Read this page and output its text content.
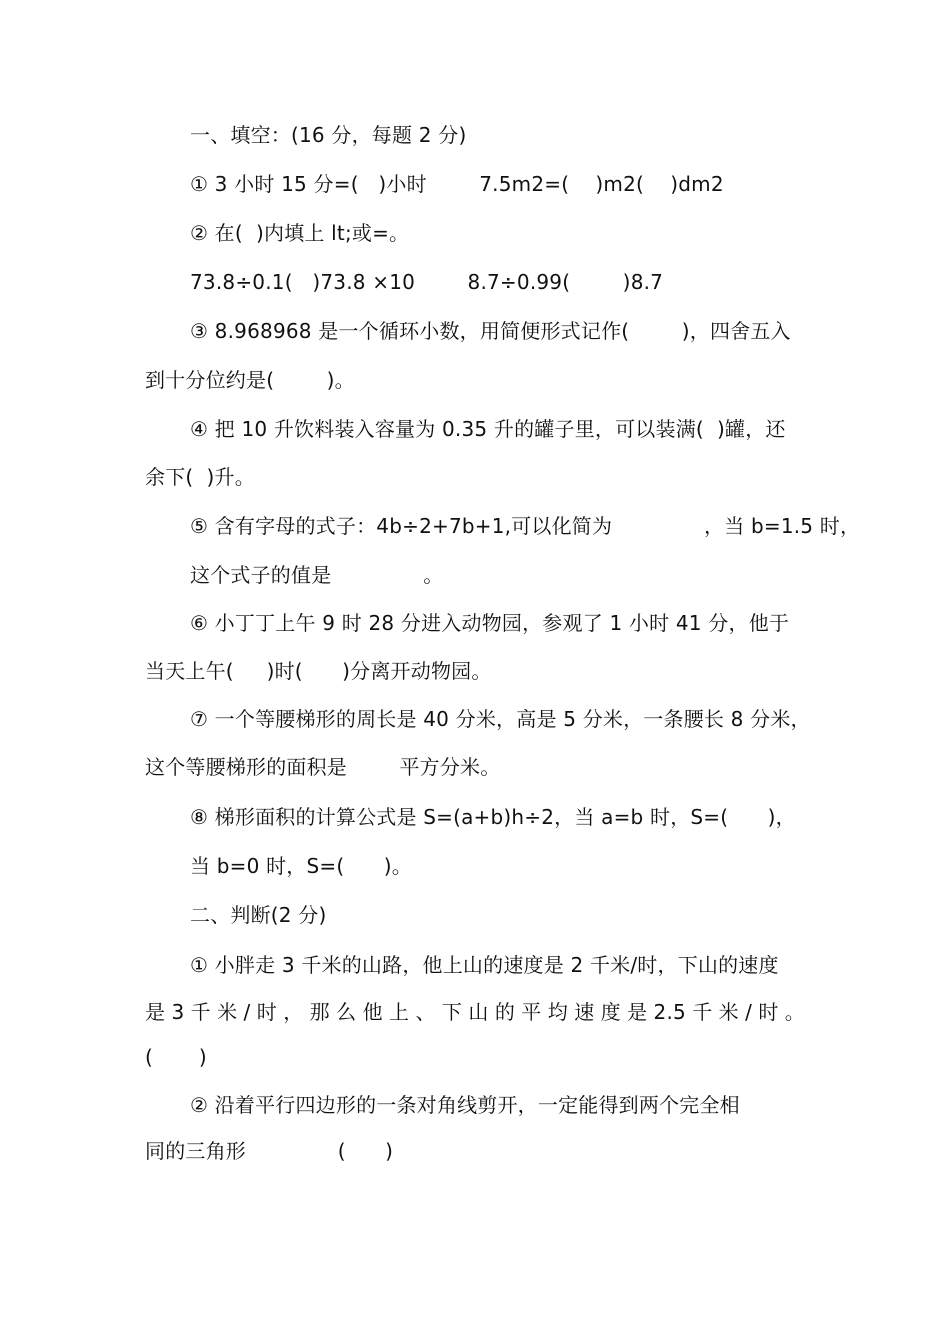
一、填空：(16 分，每题 2 分)
① 3 小时 15 分=(   )小时        7.5m2=(    )m2(    )dm2
② 在(  )内填上 lt;或=。
73.8÷0.1(   )73.8 ×10        8.7÷0.99(        )8.7
③ 8.968968 是一个循环小数，用简便形式记作(        )，四舍五入
到十分位约是(        )。
④ 把 10 升饮料装入容量为 0.35 升的罐子里，可以装满(  )罐，还
余下(  )升。
⑤ 含有字母的式子：4b÷2+7b+1,可以化简为              ，当 b=1.5 时，
这个式子的值是              。
⑥ 小丁丁上午 9 时 28 分进入动物园，参观了 1 小时 41 分，他于
当天上午(     )时(      )分离开动物园。
⑦ 一个等腰梯形的周长是 40 分米，高是 5 分米，一条腰长 8 分米，
这个等腰梯形的面积是        平方分米。
⑧ 梯形面积的计算公式是 S=(a+b)h÷2，当 a=b 时，S=(      )，
当 b=0 时，S=(      )。
二、判断(2 分)
① 小胖走 3 千米的山路，他上山的速度是 2 千米/时，下山的速度
是 3 千 米 / 时 ， 那 么 他 上 、 下 山 的 平 均 速 度 是 2.5 千 米 / 时 。
(       )
② 沿着平行四边形的一条对角线剪开，一定能得到两个完全相
同的三角形              (      )
